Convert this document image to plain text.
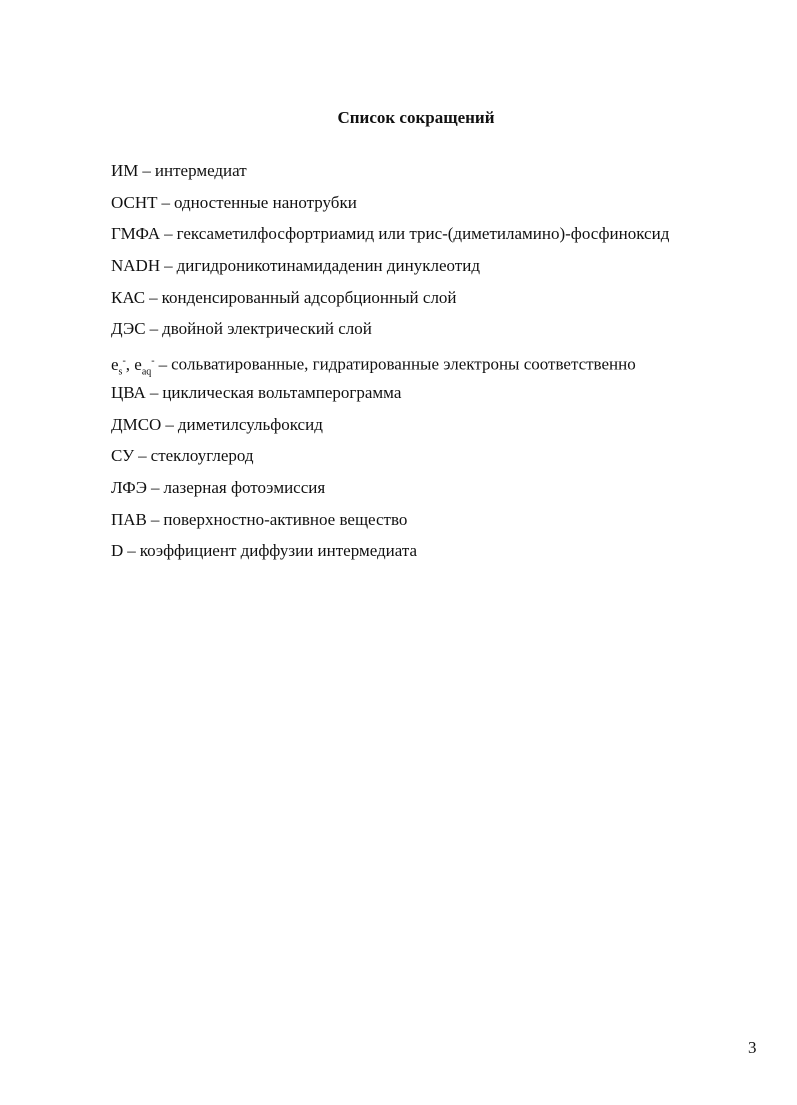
Список сокращений
ИМ – интермедиат
ОСНТ – одностенные нанотрубки
ГМФА – гексаметилфосфортриамид или трис-(диметиламино)-фосфиноксид
NADH – дигидроникотинамидаденин динуклеотид
КАС – конденсированный адсорбционный слой
ДЭС – двойной электрический слой
$e_s^-$, $e_{aq}^-$ – сольватированные, гидратированные электроны соответственно
ЦВА – циклическая вольтамперограмма
ДМСО – диметилсульфоксид
СУ – стеклоуглерод
ЛФЭ – лазерная фотоэмиссия
ПАВ – поверхностно-активное вещество
D – коэффициент диффузии интермедиата
3
